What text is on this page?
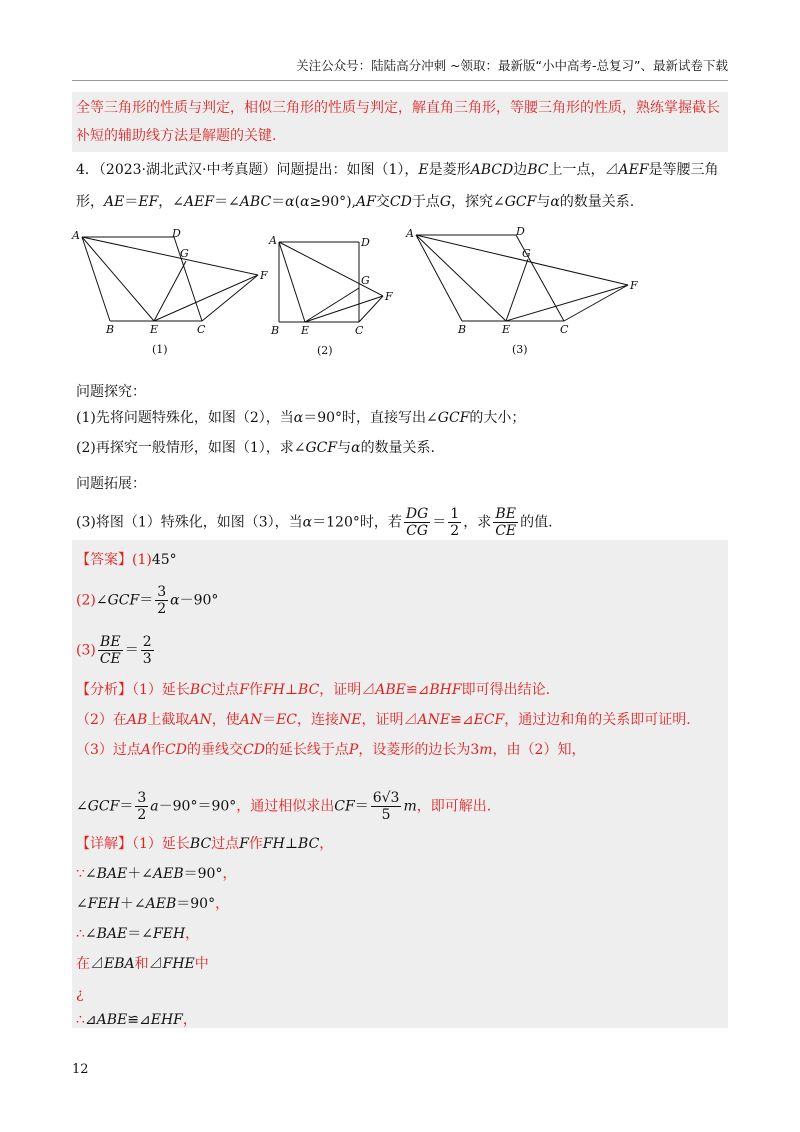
关注公众号：陆陆高分冲刺 ~领取：最新版“小中高考-总复习”、最新试卷下载
全等三角形的性质与判定，相似三角形的性质与判定，解直角三角形，等腰三角形的性质，熟练掌握截长
补短的辅助线方法是解题的关键.
4．（2023·湖北武汉·中考真题）问题提出：如图（1），E是菱形ABCD边BC上一点，⊿AEF是等腰三角
形，AE＝EF，∠AEF＝∠ABC＝α(α≥90°),AF交CD于点G，探究∠GCF与α的数量关系.
A
B	C
D
E
F
G
(1)
A
B	C
D
E
F
G
(2)
A
B	C
D
E
F
G
(3)
问题探究：
(1)先将问题特殊化，如图（2），当α＝90°时，直接写出∠GCF的大小；
(2)再探究一般情形，如图（1），求∠GCF与α的数量关系.
问题拓展：
(3)将图（1）特殊化，如图（3），当α＝120°时，若 $\frac{DG}{CG} = \frac{1}{2}$ ，求 $\frac{BE}{CE}$ 的值.
【答案】(1)45°
(2)∠GCF＝ $\frac{3}{2} \alpha-90^\circ$
$(3) \frac{BE}{CE} = \frac{2}{3}$
【分析】（1）延长BC过点F作FH⊥BC，证明⊿ABE≌⊿BHF即可得出结论.
（2）在AB上截取AN，使AN＝EC，连接NE，证明⊿ANE≌⊿ECF，通过边和角的关系即可证明.
（3）过点A作CD的垂线交CD的延长线于点P，设菱形的边长为3m，由（2）知，
∠GCF＝ $\frac{3}{2} a-90^\circ=90^\circ$，通过相似求出$CF= \frac{6√3}{5}$ m，即可解出.
【详解】（1）延长BC过点F作FH⊥BC，
∵∠BAE＋∠AEB＝90°，
∠FEH＋∠AEB＝90°，
∴∠BAE＝∠FEH，
在⊿EBA和⊿FHE中
¿
∴⊿ABE≌⊿EHF，
12
